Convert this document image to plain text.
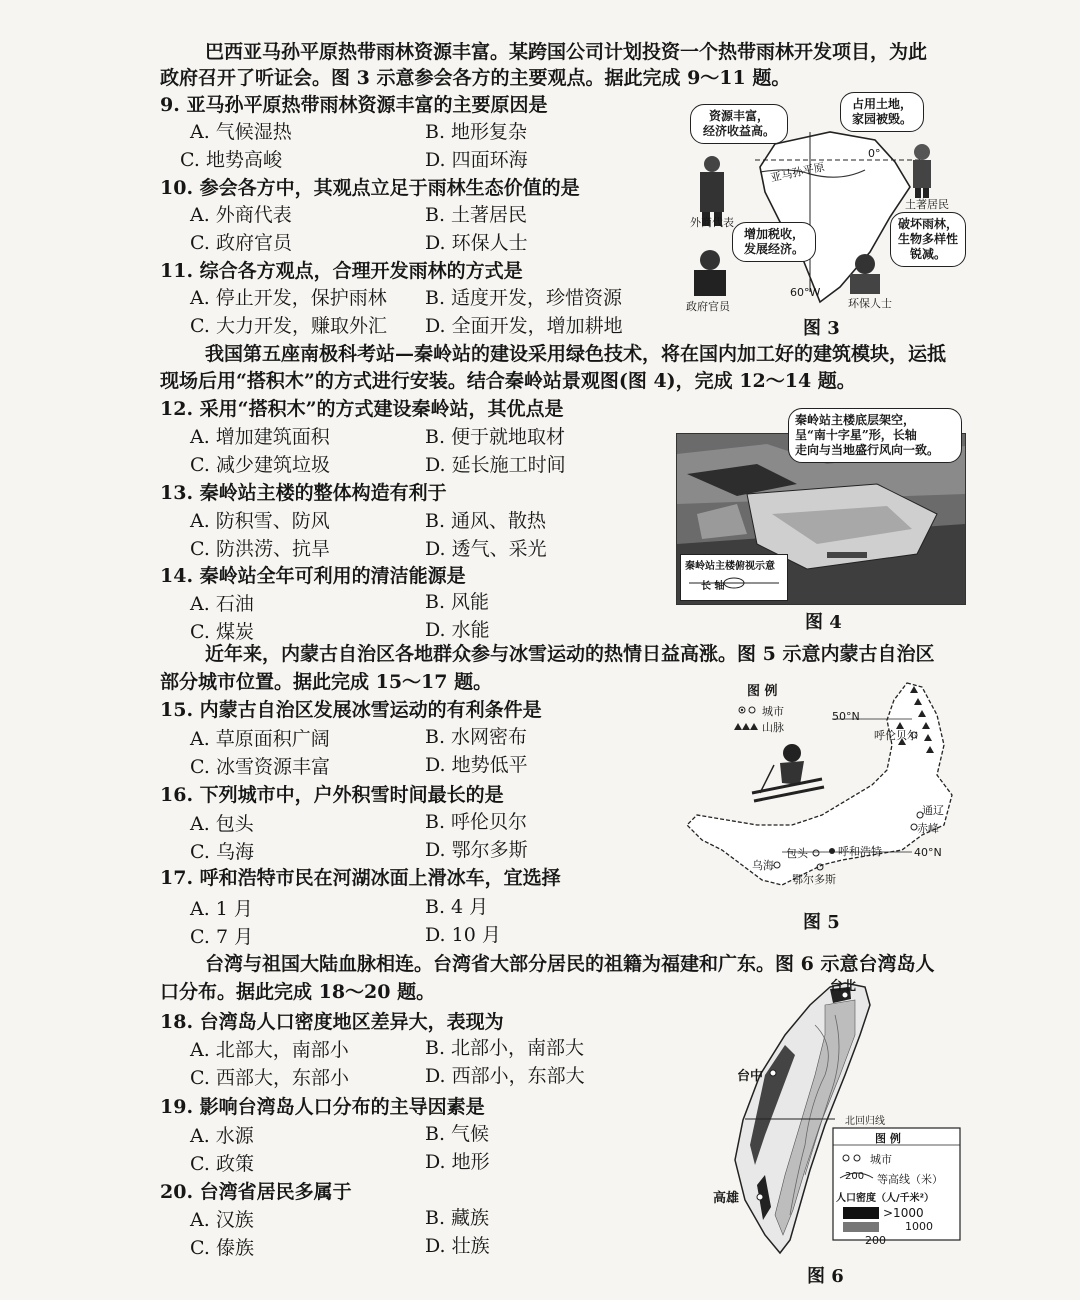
巴西亚马孙平原热带雨林资源丰富。某跨国公司计划投资一个热带雨林开发项目，为此
政府召开了听证会。图 3 示意参会各方的主要观点。据此完成 9～11 题。
9. 亚马孙平原热带雨林资源丰富的主要原因是
A. 气候湿热	B. 地形复杂
C. 地势高峻	D. 四面环海
10. 参会各方中，其观点立足于雨林生态价值的是
A. 外商代表	B. 土著居民
C. 政府官员	D. 环保人士
11. 综合各方观点，合理开发雨林的方式是
A. 停止开发，保护雨林 B. 适度开发，珍惜资源
C. 大力开发，赚取外汇 D. 全面开发，增加耕地
资源丰富，
经济收益高。
占用土地，
家园被毁。
增加税收，
发展经济。
破坏雨林，
生物多样性
锐减。
外商代表
土著居民
政府官员	环保人士
亚马孙平原
0°
60°W
图 3
我国第五座南极科考站—秦岭站的建设采用绿色技术，将在国内加工好的建筑模块，运抵
现场后用“搭积木”的方式进行安装。结合秦岭站景观图(图 4)，完成 12～14 题。
12. 采用“搭积木”的方式建设秦岭站，其优点是
A. 增加建筑面积	B. 便于就地取材
C. 减少建筑垃圾	D. 延长施工时间
13. 秦岭站主楼的整体构造有利于
A. 防积雪、防风	B. 通风、散热
C. 防洪涝、抗旱	D. 透气、采光
14. 秦岭站全年可利用的清洁能源是
A. 石油	B. 风能
C. 煤炭	D. 水能
秦岭站主楼俯视示意
长 轴
秦岭站主楼底层架空，
呈“南十字星”形，长轴
走向与当地盛行风向一致。
图 4
近年来，内蒙古自治区各地群众参与冰雪运动的热情日益高涨。图 5 示意内蒙古自治区
部分城市位置。据此完成 15～17 题。
15. 内蒙古自治区发展冰雪运动的有利条件是
A. 草原面积广阔	B. 水网密布
C. 冰雪资源丰富	D. 地势低平
16. 下列城市中，户外积雪时间最长的是
A. 包头	B. 呼伦贝尔
C. 乌海	D. 鄂尔多斯
17. 呼和浩特市民在河湖冰面上滑冰车，宜选择
A. 1 月	B. 4 月
C. 7 月	D. 10 月
图 例
城市
山脉
50°N
40°N
呼伦贝尔
通辽
赤峰
包头	呼和浩特
乌海
鄂尔多斯
图 5
台湾与祖国大陆血脉相连。台湾省大部分居民的祖籍为福建和广东。图 6 示意台湾岛人
口分布。据此完成 18～20 题。
18. 台湾岛人口密度地区差异大，表现为
A. 北部大，南部小	B. 北部小，南部大
C. 西部大，东部小	D. 西部小，东部大
19. 影响台湾岛人口分布的主导因素是
A. 水源	B. 气候
C. 政策	D. 地形
20. 台湾省居民多属于
A. 汉族	B. 藏族
C. 傣族	D. 壮族
台北
台中
高雄
北回归线
图 例
城市
200 等高线（米）
人口密度（人/千米²）
>1000
1000
200
图 6
